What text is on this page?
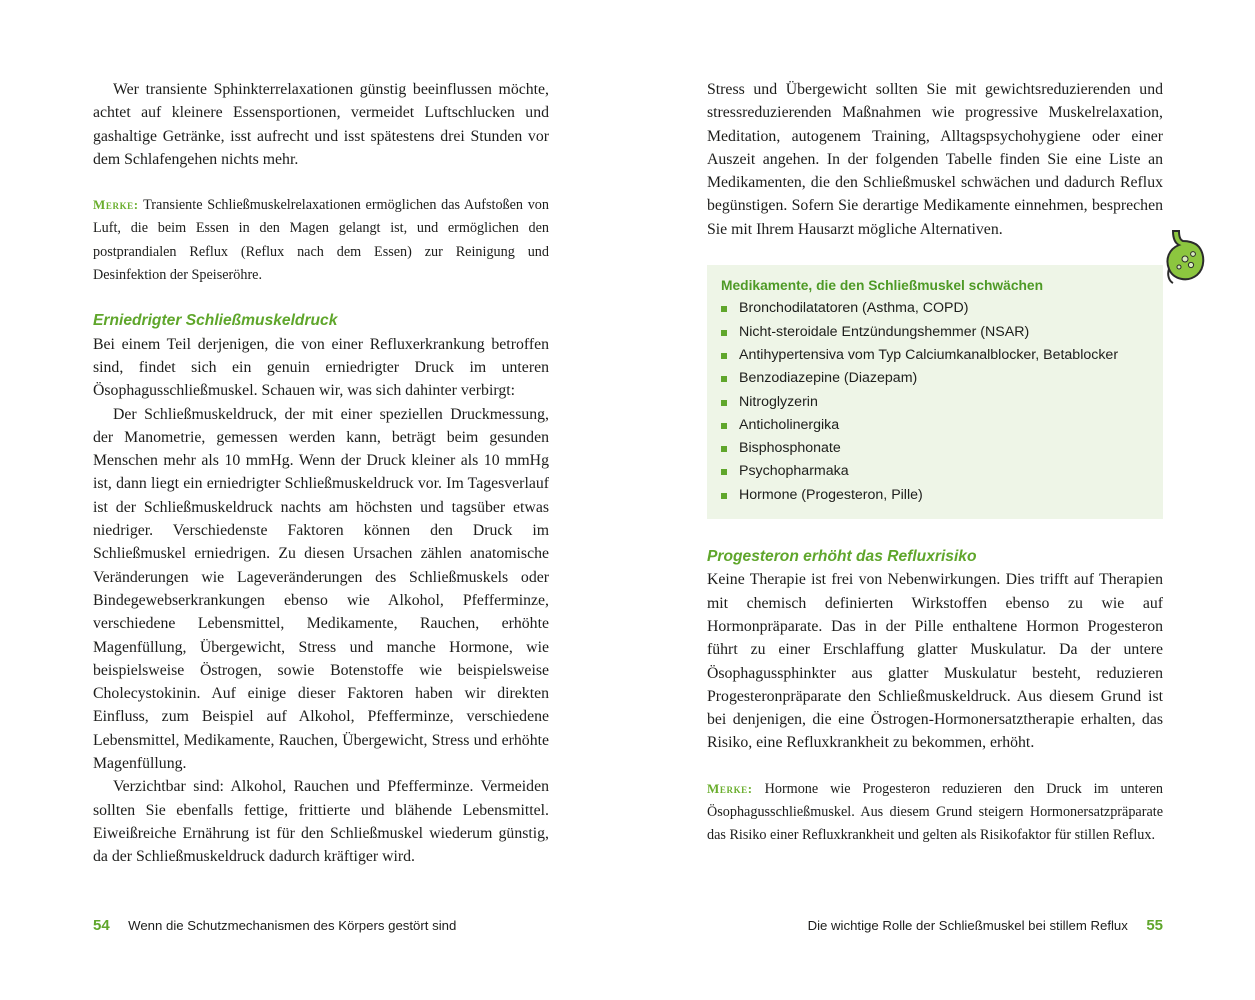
Wer transiente Sphinkterrelaxationen günstig beeinflussen möchte, achtet auf kleinere Essensportionen, vermeidet Luftschlucken und gashaltige Getränke, isst aufrecht und isst spätestens drei Stunden vor dem Schlafengehen nichts mehr.

Merke: Transiente Schließmuskelrelaxationen ermöglichen das Aufstoßen von Luft, die beim Essen in den Magen gelangt ist, und ermöglichen den postprandialen Reflux (Reflux nach dem Essen) zur Reinigung und Desinfektion der Speiseröhre.

Erniedrigter Schließmuskeldruck

Bei einem Teil derjenigen, die von einer Refluxerkrankung betroffen sind, findet sich ein genuin erniedrigter Druck im unteren Ösophagusschließmuskel. Schauen wir, was sich dahinter verbirgt:

Der Schließmuskeldruck, der mit einer speziellen Druckmessung, der Manometrie, gemessen werden kann, beträgt beim gesunden Menschen mehr als 10 mmHg. Wenn der Druck kleiner als 10 mmHg ist, dann liegt ein erniedrigter Schließmuskeldruck vor. Im Tagesverlauf ist der Schließmuskeldruck nachts am höchsten und tagsüber etwas niedriger. Verschiedenste Faktoren können den Druck im Schließmuskel erniedrigen. Zu diesen Ursachen zählen anatomische Veränderungen wie Lageveränderungen des Schließmuskels oder Bindegewebserkrankungen ebenso wie Alkohol, Pfefferminze, verschiedene Lebensmittel, Medikamente, Rauchen, erhöhte Magenfüllung, Übergewicht, Stress und manche Hormone, wie beispielsweise Östrogen, sowie Botenstoffe wie beispielsweise Cholecystokinin. Auf einige dieser Faktoren haben wir direkten Einfluss, zum Beispiel auf Alkohol, Pfefferminze, verschiedene Lebensmittel, Medikamente, Rauchen, Übergewicht, Stress und erhöhte Magenfüllung.

Verzichtbar sind: Alkohol, Rauchen und Pfefferminze. Vermeiden sollten Sie ebenfalls fettige, frittierte und blähende Lebensmittel. Eiweißreiche Ernährung ist für den Schließmuskel wiederum günstig, da der Schließmuskeldruck dadurch kräftiger wird.

54 Wenn die Schutzmechanismen des Körpers gestört sind

Stress und Übergewicht sollten Sie mit gewichtsreduzierenden und stressreduzierenden Maßnahmen wie progressive Muskelrelaxation, Meditation, autogenem Training, Alltagspsychohygiene oder einer Auszeit angehen. In der folgenden Tabelle finden Sie eine Liste an Medikamenten, die den Schließmuskel schwächen und dadurch Reflux begünstigen. Sofern Sie derartige Medikamente einnehmen, besprechen Sie mit Ihrem Hausarzt mögliche Alternativen.

Medikamente, die den Schließmuskel schwächen

Bronchodilatatoren (Asthma, COPD)
Nicht-steroidale Entzündungshemmer (NSAR)
Antihypertensiva vom Typ Calciumkanalblocker, Betablocker
Benzodiazepine (Diazepam)
Nitroglyzerin
Anticholinergika
Bisphosphonate
Psychopharmaka
Hormone (Progesteron, Pille)

Progesteron erhöht das Refluxrisiko

Keine Therapie ist frei von Nebenwirkungen. Dies trifft auf Therapien mit chemisch definierten Wirkstoffen ebenso zu wie auf Hormonpräparate. Das in der Pille enthaltene Hormon Progesteron führt zu einer Erschlaffung glatter Muskulatur. Da der untere Ösophagussphinkter aus glatter Muskulatur besteht, reduzieren Progesteronpräparate den Schließmuskeldruck. Aus diesem Grund ist bei denjenigen, die eine Östrogen-Hormonersatztherapie erhalten, das Risiko, eine Refluxkrankheit zu bekommen, erhöht.

Merke: Hormone wie Progesteron reduzieren den Druck im unteren Ösophagusschließmuskel. Aus diesem Grund steigern Hormonersatzpräparate das Risiko einer Refluxkrankheit und gelten als Risikofaktor für stillen Reflux.

Die wichtige Rolle der Schließmuskel bei stillem Reflux 55
